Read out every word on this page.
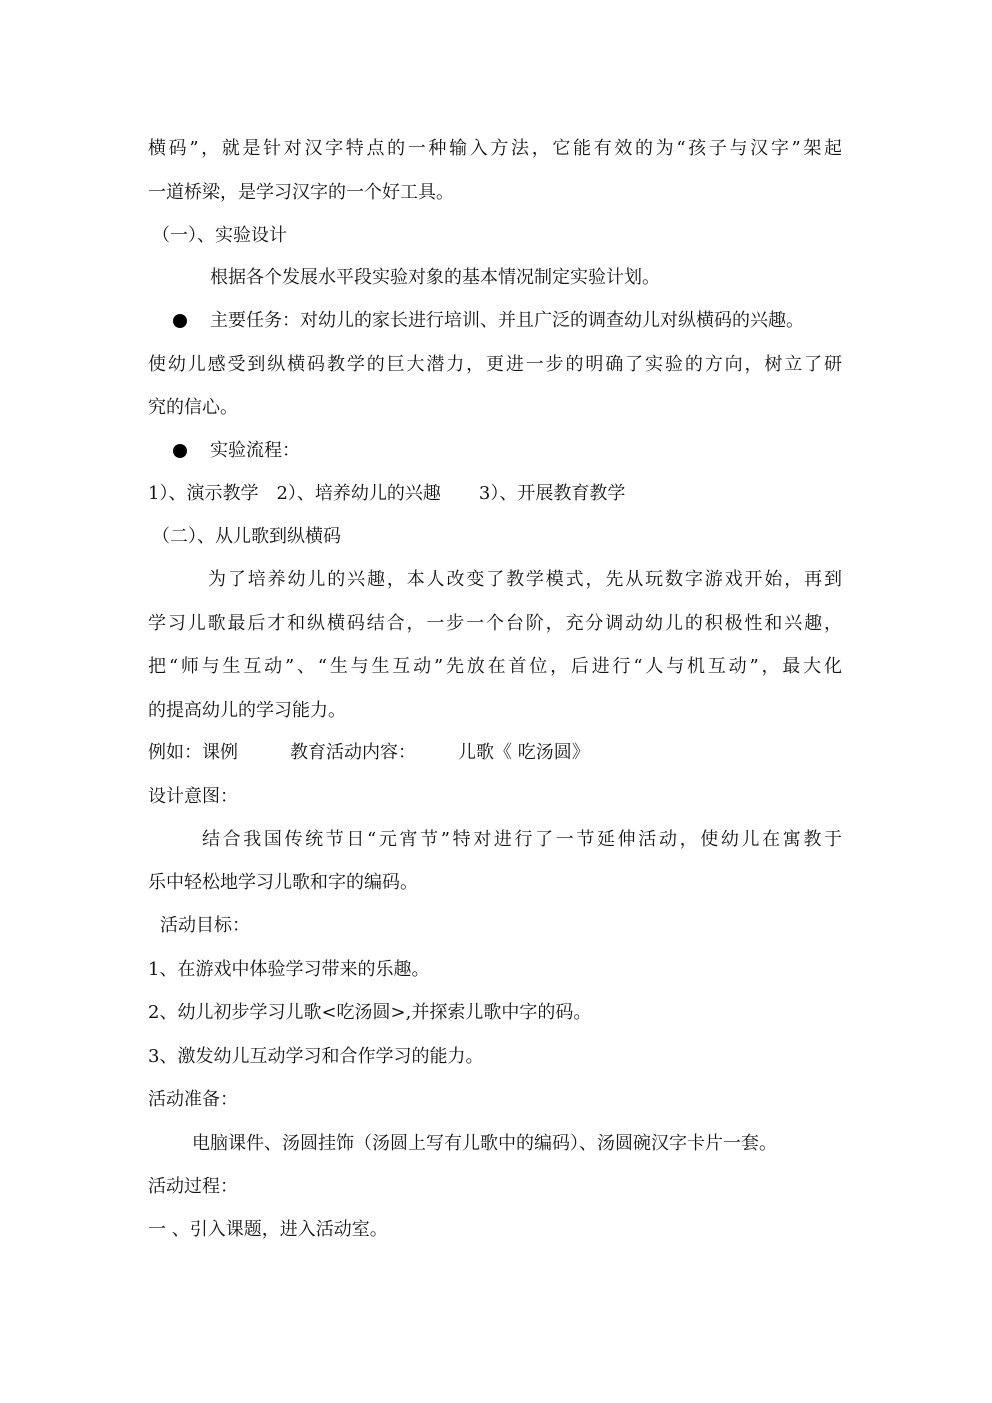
横码”，就是针对汉字特点的一种输入方法，它能有效的为“孩子与汉字”架起
一道桥梁，是学习汉字的一个好工具。
（一）、实验设计
根据各个发展水平段实验对象的基本情况制定实验计划。
主要任务：对幼儿的家长进行培训、并且广泛的调查幼儿对纵横码的兴趣。
使幼儿感受到纵横码教学的巨大潜力，更进一步的明确了实验的方向，树立了研
究的信心。
实验流程：
1）、演示教学 2）、培养幼儿的兴趣 3）、开展教育教学
（二）、从儿歌到纵横码
为了培养幼儿的兴趣，本人改变了教学模式，先从玩数字游戏开始，再到
学习儿歌最后才和纵横码结合，一步一个台阶，充分调动幼儿的积极性和兴趣，
把“师与生互动”、“生与生互动”先放在首位，后进行“人与机互动”，最大化
的提高幼儿的学习能力。
例如：课例	教育活动内容： 儿歌《 吃汤圆》
设计意图：
结合我国传统节日“元宵节”特对进行了一节延伸活动，使幼儿在寓教于
乐中轻松地学习儿歌和字的编码。
活动目标：
1、在游戏中体验学习带来的乐趣。
2、幼儿初步学习儿歌<吃汤圆>,并探索儿歌中字的码。
3、激发幼儿互动学习和合作学习的能力。
活动准备：
电脑课件、汤圆挂饰（汤圆上写有儿歌中的编码）、汤圆碗汉字卡片一套。
活动过程：
一 、引入课题，进入活动室。
